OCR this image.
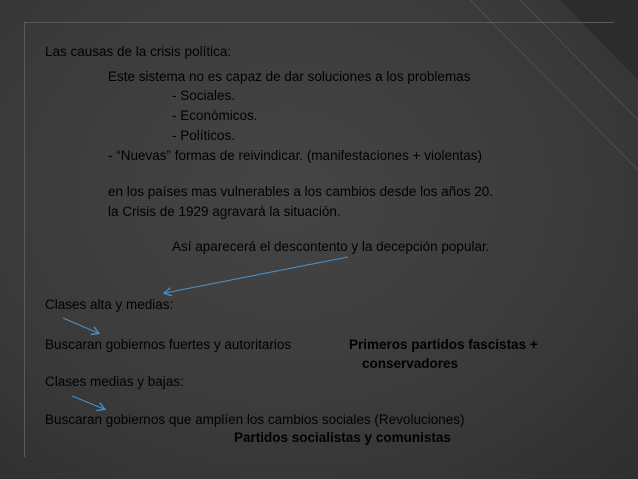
Las causas de la crisis política:

Este sistema no es capaz de dar soluciones a los problemas

- Sociales.

- Económicos.

- Políticos.

- “Nuevas” formas de reivindicar. (manifestaciones + violentas)

en los países mas vulnerables a los cambios desde los años 20.

la Crisis de 1929 agravará la situación.

Así aparecerá el descontento y la decepción popular.

Clases alta y medias:

Buscaran gobiernos fuertes y autoritarios	Primeros partidos fascistas +

conservadores

Clases medias y bajas:

Buscaran gobiernos que amplíen los cambios sociales (Revoluciones)

Partidos socialistas y comunistas
